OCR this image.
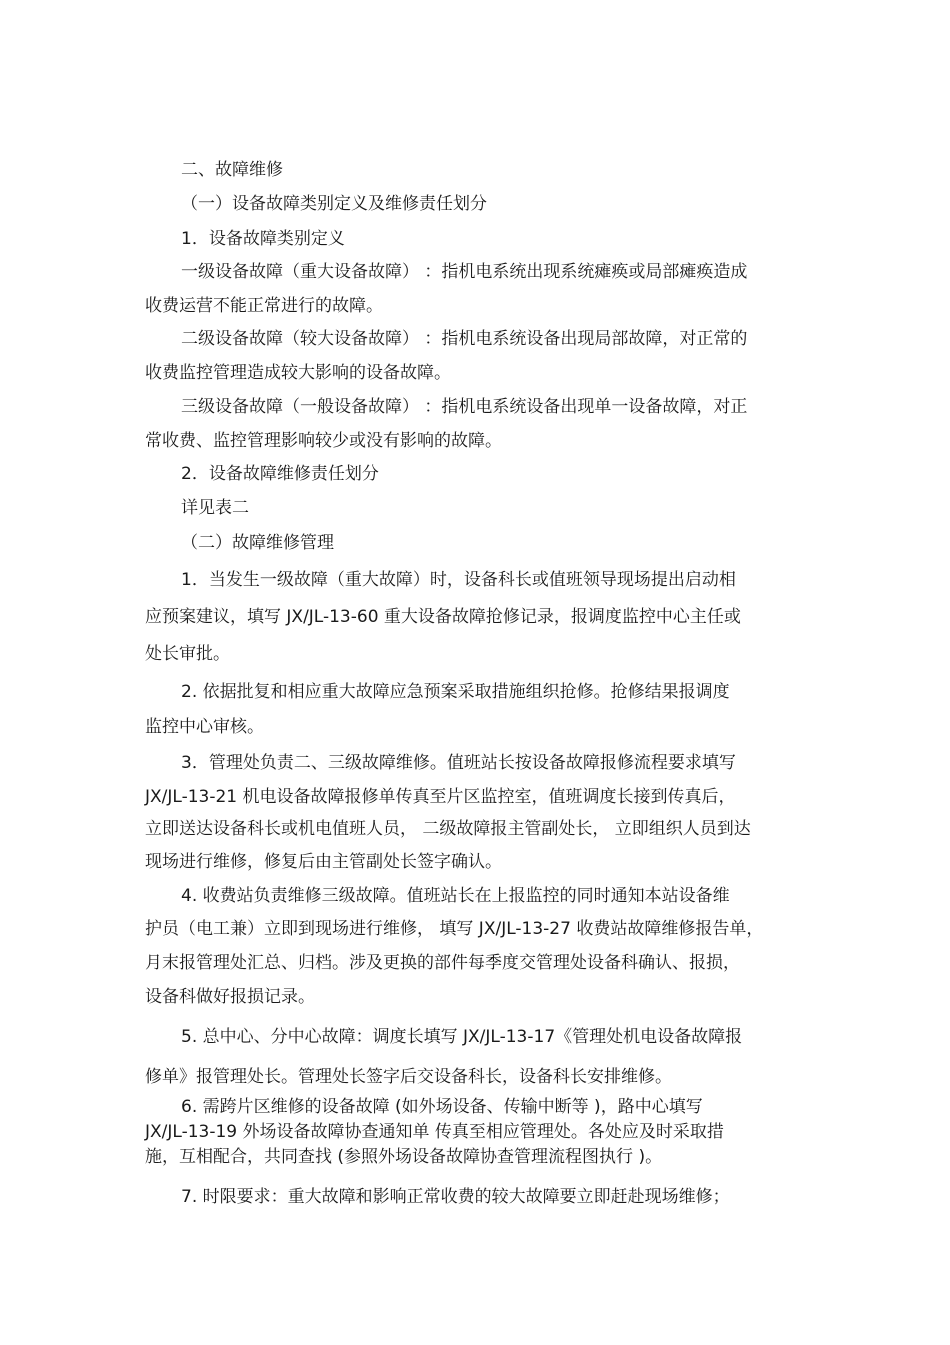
二、故障维修

（一）设备故障类别定义及维修责任划分

1．设备故障类别定义

一级设备故障（重大设备故障） ：指机电系统出现系统瘫痪或局部瘫痪造成

收费运营不能正常进行的故障。

二级设备故障（较大设备故障） ：指机电系统设备出现局部故障，对正常的

收费监控管理造成较大影响的设备故障。

三级设备故障（一般设备故障） ：指机电系统设备出现单一设备故障，对正

常收费、监控管理影响较少或没有影响的故障。

2．设备故障维修责任划分

详见表二

（二）故障维修管理

1．当发生一级故障（重大故障）时，设备科长或值班领导现场提出启动相

应预案建议，填写 JX/JL-13-60 重大设备故障抢修记录，报调度监控中心主任或

处长审批。

2. 依据批复和相应重大故障应急预案采取措施组织抢修。抢修结果报调度

监控中心审核。

3．管理处负责二、三级故障维修。值班站长按设备故障报修流程要求填写

JX/JL-13-21 机电设备故障报修单传真至片区监控室，值班调度长接到传真后，

立即送达设备科长或机电值班人员， 二级故障报主管副处长， 立即组织人员到达

现场进行维修，修复后由主管副处长签字确认。

4. 收费站负责维修三级故障。值班站长在上报监控的同时通知本站设备维

护员（电工兼）立即到现场进行维修， 填写 JX/JL-13-27 收费站故障维修报告单，

月末报管理处汇总、归档。涉及更换的部件每季度交管理处设备科确认、报损，

设备科做好报损记录。

5. 总中心、分中心故障：调度长填写 JX/JL-13-17《管理处机电设备故障报

修单》报管理处长。管理处长签字后交设备科长，设备科长安排维修。

6. 需跨片区维修的设备故障 (如外场设备、传输中断等 )，路中心填写

JX/JL-13-19 外场设备故障协查通知单 传真至相应管理处。各处应及时采取措

施，互相配合，共同查找 (参照外场设备故障协查管理流程图执行 )。

7. 时限要求：重大故障和影响正常收费的较大故障要立即赶赴现场维修；
